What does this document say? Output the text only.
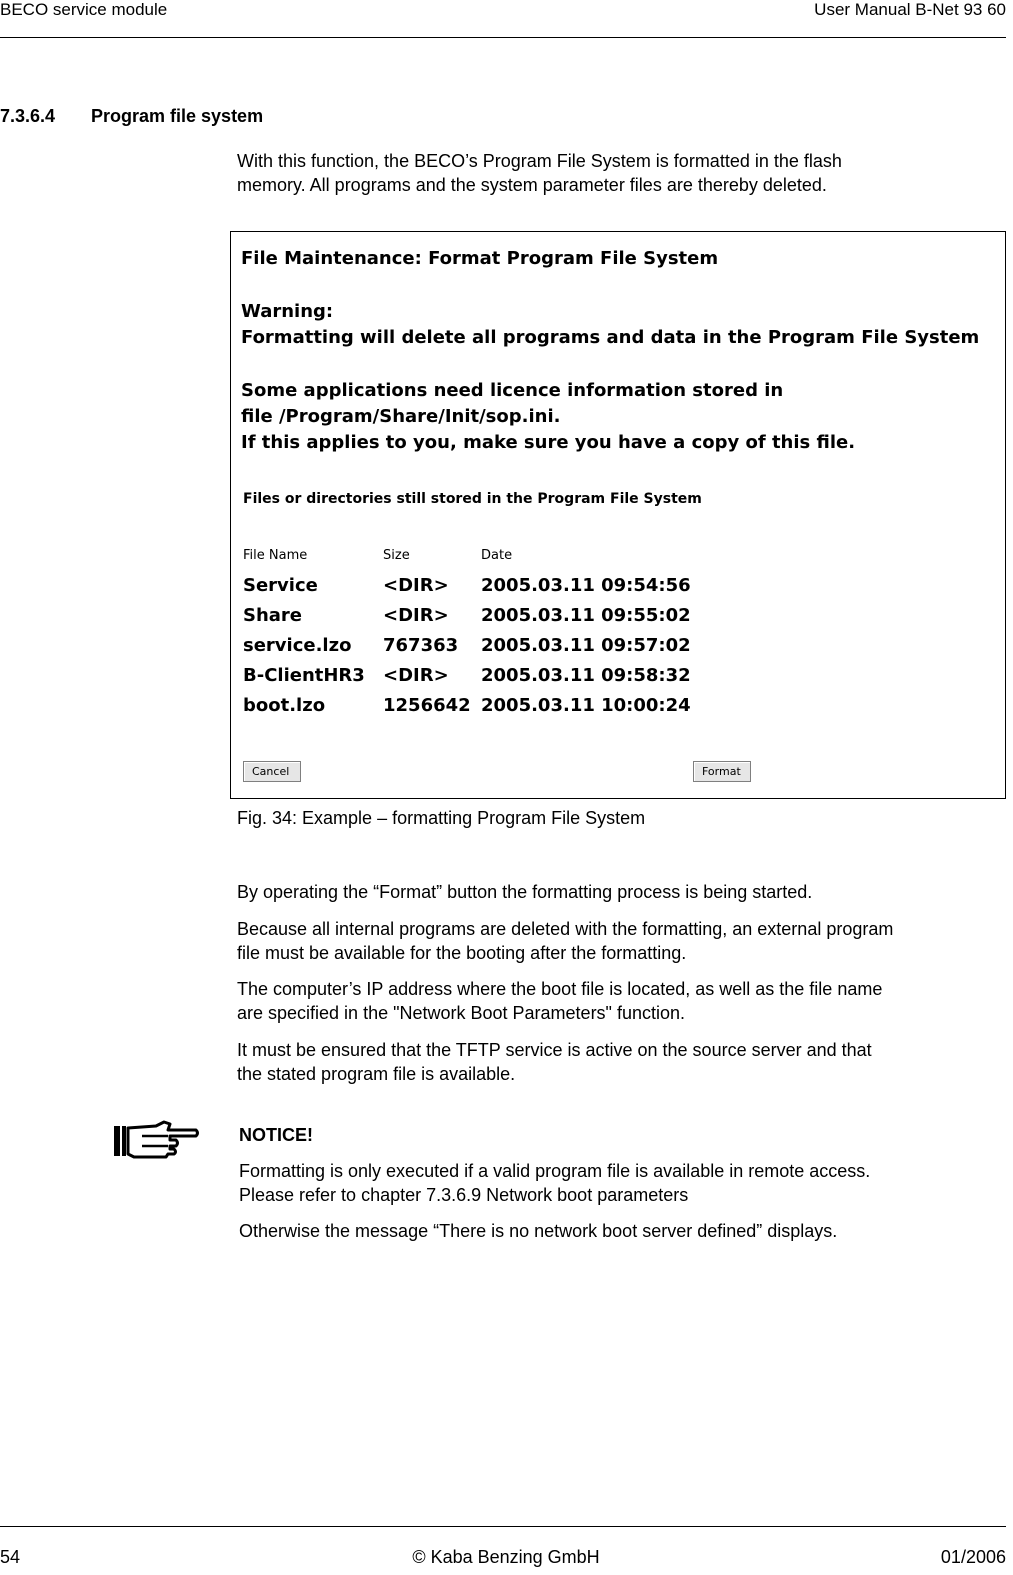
BECO service module	User Manual B-Net 93 60
7.3.6.4 Program file system
With this function, the BECO’s Program File System is formatted in the flash
memory. All programs and the system parameter files are thereby deleted.
File Maintenance: Format Program File System
Warning:
Formatting will delete all programs and data in the Program File System
Some applications need licence information stored in
file /Program/Share/Init/sop.ini.
If this applies to you, make sure you have a copy of this file.
Files or directories still stored in the Program File System
File Name	Size	Date
Service	<DIR> 2005.03.11 09:54:56
Share	<DIR> 2005.03.11 09:55:02
service.lzo 767363 2005.03.11 09:57:02
B-ClientHR3 <DIR> 2005.03.11 09:58:32
boot.lzo	1256642 2005.03.11 10:00:24
Cancel	Format
Fig. 34: Example – formatting Program File System
By operating the “Format” button the formatting process is being started.
Because all internal programs are deleted with the formatting, an external program
file must be available for the booting after the formatting.
The computer’s IP address where the boot file is located, as well as the file name
are specified in the "Network Boot Parameters" function.
It must be ensured that the TFTP service is active on the source server and that
the stated program file is available.
NOTICE!
Formatting is only executed if a valid program file is available in remote access.
Please refer to chapter 7.3.6.9 Network boot parameters
Otherwise the message “There is no network boot server defined” displays.
54	© Kaba Benzing GmbH	01/2006
